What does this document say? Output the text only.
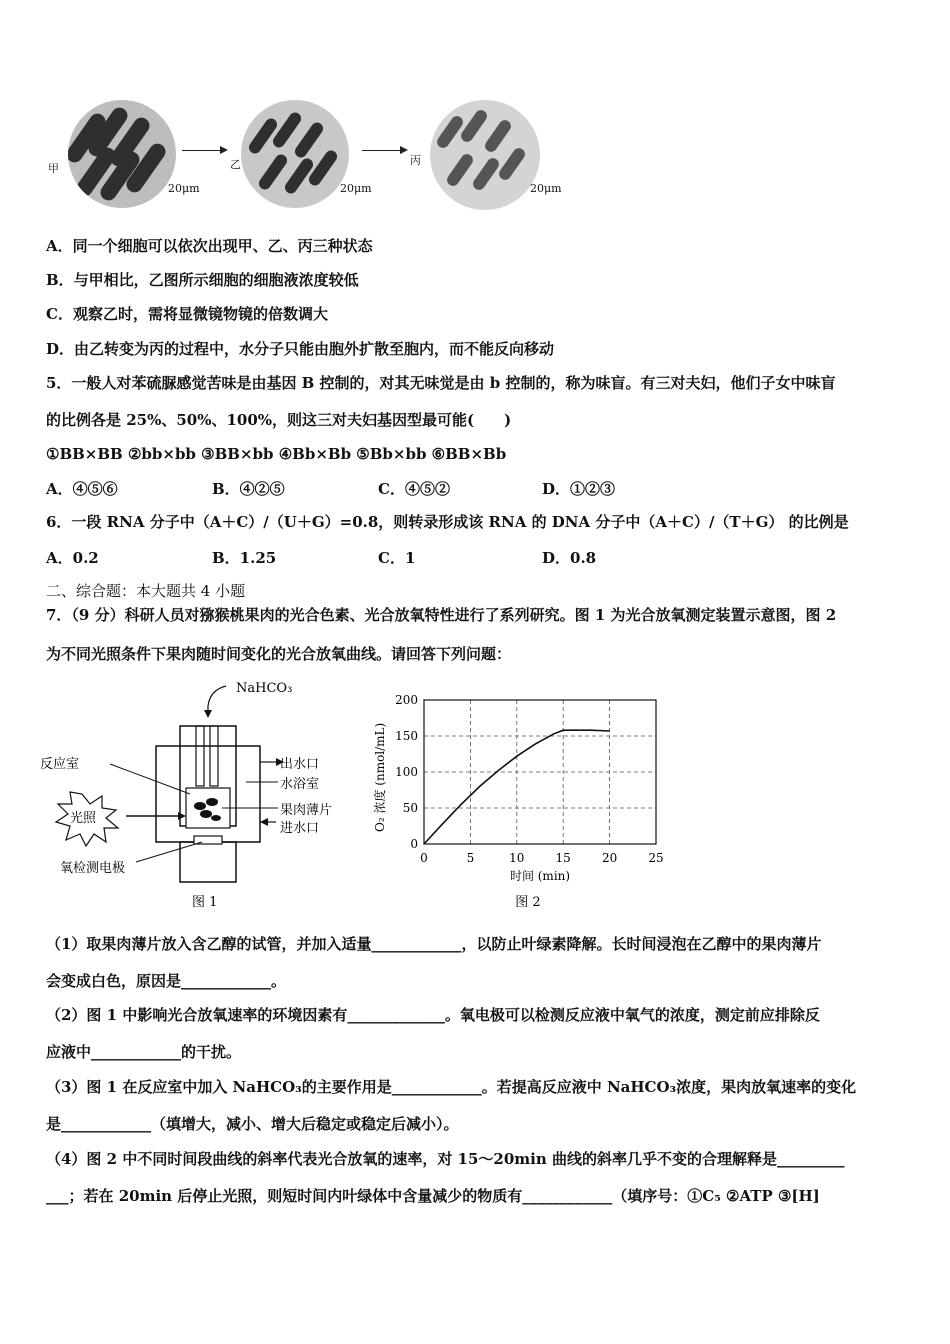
甲
20μm
乙
20μm
丙
20μm
A．同一个细胞可以依次出现甲、乙、丙三种状态
B．与甲相比，乙图所示细胞的细胞液浓度较低
C．观察乙时，需将显微镜物镜的倍数调大
D．由乙转变为丙的过程中，水分子只能由胞外扩散至胞内，而不能反向移动
5．一般人对苯硫脲感觉苦味是由基因 B 控制的，对其无味觉是由 b 控制的，称为味盲。有三对夫妇，他们子女中味盲
的比例各是 25%、50%、100%，则这三对夫妇基因型最可能(　　)
①BB×BB ②bb×bb ③BB×bb ④Bb×Bb ⑤Bb×bb ⑥BB×Bb
A．④⑤⑥	B．④②⑤	C．④⑤②	D．①②③
6．一段 RNA 分子中（A＋C）/（U＋G）=0.8，则转录形成该 RNA 的 DNA 分子中（A＋C）/（T＋G） 的比例是
A．0.2	B．1.25	C．1	D．0.8
二、综合题：本大题共 4 小题
7．（9 分）科研人员对猕猴桃果肉的光合色素、光合放氧特性进行了系列研究。图 1 为光合放氧测定装置示意图，图 2
为不同光照条件下果肉随时间变化的光合放氧曲线。请回答下列问题：
NaHCO₃
出水口
水浴室
果肉薄片
进水口
反应室
光照
氧检测电极
图 1
0
50
100
150
200
0	5	10	15	20	25
O₂ 浓度 (nmol/mL)
时间 (min)
图 2
（1）取果肉薄片放入含乙醇的试管，并加入适量____________，以防止叶绿素降解。长时间浸泡在乙醇中的果肉薄片
会变成白色，原因是____________。
（2）图 1 中影响光合放氧速率的环境因素有_____________。氧电极可以检测反应液中氧气的浓度，测定前应排除反
应液中____________的干扰。
（3）图 1 在反应室中加入 NaHCO₃的主要作用是____________。若提高反应液中 NaHCO₃浓度，果肉放氧速率的变化
是____________（填增大，减小、增大后稳定或稳定后减小）。
（4）图 2 中不同时间段曲线的斜率代表光合放氧的速率，对 15～20min 曲线的斜率几乎不变的合理解释是_________
___；若在 20min 后停止光照，则短时间内叶绿体中含量减少的物质有____________（填序号：①C₅ ②ATP ③[H]
